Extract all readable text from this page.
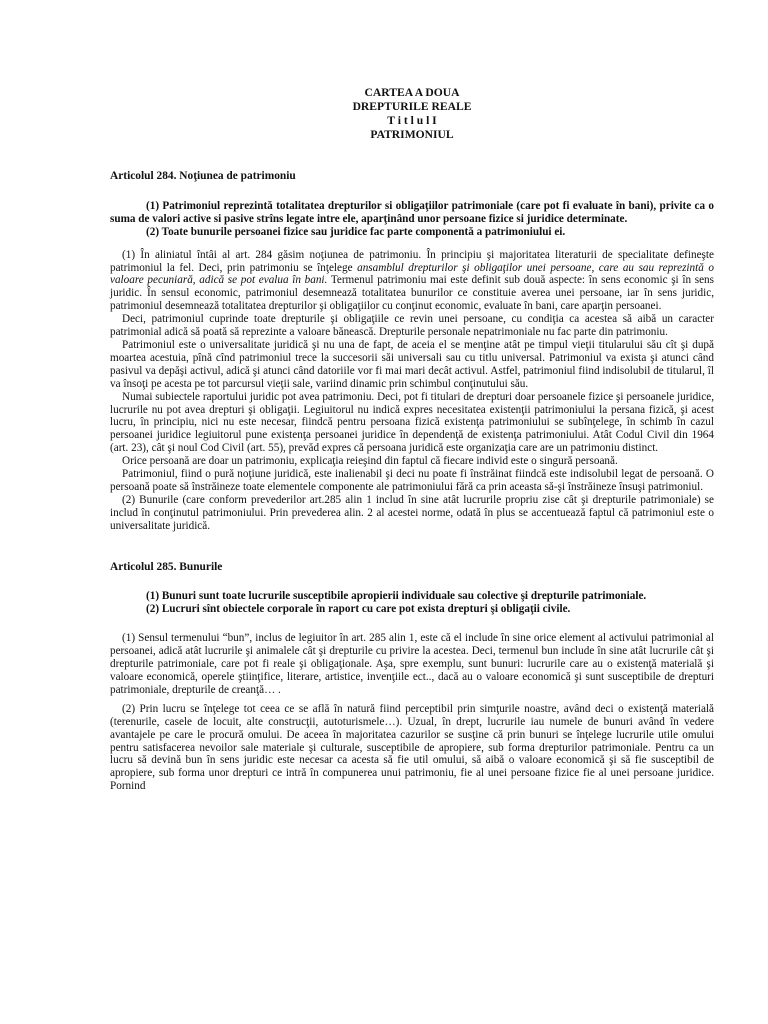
CARTEA A DOUA
DREPTURILE REALE
T i t l u l I
PATRIMONIUL
Articolul 284. Noţiunea de patrimoniu

(1) Patrimoniul reprezintă totalitatea drepturilor si obligaţiilor patrimoniale (care pot fi evaluate în bani), privite ca o suma de valori active si pasive strîns legate intre ele, aparţinând unor persoane fizice si juridice determinate.

(2) Toate bunurile persoanei fizice sau juridice fac parte componentă a patrimoniului ei.

(1) În aliniatul întâi al art. 284 găsim noţiunea de patrimoniu. În principiu şi majoritatea literaturii de specialitate defineşte patrimoniul la fel. Deci, prin patrimoniu se înţelege ansamblul drepturilor şi obligaţilor unei persoane, care au sau reprezintă o valoare pecuniară, adică se pot evalua în bani. Termenul patrimoniu mai este definit sub două aspecte: în sens economic şi în sens juridic. În sensul economic, patrimoniul desemnează totalitatea bunurilor ce constituie averea unei persoane, iar în sens juridic, patrimoniul desemnează totalitatea drepturilor şi obligaţiilor cu conţinut economic, evaluate în bani, care aparţin persoanei.

Deci, patrimoniul cuprinde toate drepturile şi obligaţiile ce revin unei persoane, cu condiţia ca acestea să aibă un caracter patrimonial adică să poată să reprezinte a valoare bănească. Drepturile personale nepatrimoniale nu fac parte din patrimoniu.

Patrimoniul este o universalitate juridică şi nu una de fapt, de aceia el se menţine atât pe timpul vieţii titularului său cît şi după moartea acestuia, pînă cînd patrimoniul trece la succesorii săi universali sau cu titlu universal. Patrimoniul va exista şi atunci când pasivul va depăşi activul, adică şi atunci când datoriile vor fi mai mari decât activul. Astfel, patrimoniul fiind indisolubil de titularul, îl va însoţi pe acesta pe tot parcursul vieţii sale, variind dinamic prin schimbul conţinutului său.

Numai subiectele raportului juridic pot avea patrimoniu. Deci, pot fi titulari de drepturi doar persoanele fizice şi persoanele juridice, lucrurile nu pot avea drepturi şi obligaţii. Legiuitorul nu indică expres necesitatea existenţii patrimoniului la persana fizică, şi acest lucru, în principiu, nici nu este necesar, fiindcă pentru persoana fizică existenţa patrimoniului se subînţelege, în schimb în cazul persoanei juridice legiuitorul pune existenţa persoanei juridice în dependenţă de existenţa patrimoniului. Atât Codul Civil din 1964 (art. 23), cât şi noul Cod Civil (art. 55), prevăd expres că persoana juridică este organizaţia care are un patrimoniu distinct.

Orice persoană are doar un patrimoniu, explicaţia reieşind din faptul că fiecare individ este o singură persoană.

Patrimoniul, fiind o pură noţiune juridică, este inalienabil şi deci nu poate fi înstrăinat fiindcă este indisolubil legat de persoană. O persoană poate să înstrăineze toate elementele componente ale patrimoniului fără ca prin aceasta să-şi înstrăineze însuşi patrimoniul.

(2) Bunurile (care conform prevederilor art.285 alin 1 includ în sine atât lucrurile propriu zise cât şi drepturile patrimoniale) se includ în conţinutul patrimoniului. Prin prevederea alin. 2 al acestei norme, odată în plus se accentuează faptul că patrimoniul este o universalitate juridică.

Articolul 285. Bunurile

(1) Bunuri sunt toate lucrurile susceptibile apropierii individuale sau colective şi drepturile patrimoniale.

(2) Lucruri sînt obiectele corporale în raport cu care pot exista drepturi şi obligaţii civile.

(1) Sensul termenului “bun”, inclus de legiuitor în art. 285 alin 1, este că el include în sine orice element al activului patrimonial al persoanei, adică atât lucrurile şi animalele cât şi drepturile cu privire la acestea. Deci, termenul bun include în sine atât lucrurile cât şi drepturile patrimoniale, care pot fi reale şi obligaţionale. Aşa, spre exemplu, sunt bunuri: lucrurile care au o existenţă materială şi valoare economică, operele ştiinţifice, literare, artistice, invenţiile ect.., dacă au o valoare economică şi sunt susceptibile de drepturi patrimoniale, drepturile de creanţă… .

(2) Prin lucru se înţelege tot ceea ce se află în natură fiind perceptibil prin simţurile noastre, având deci o existenţă materială (terenurile, casele de locuit, alte construcţii, autoturismele…). Uzual, în drept, lucrurile iau numele de bunuri având în vedere avantajele pe care le procură omului. De aceea în majoritatea cazurilor se susţine că prin bunuri se înţelege lucrurile utile omului pentru satisfacerea nevoilor sale materiale şi culturale, susceptibile de apropiere, sub forma drepturilor patrimoniale. Pentru ca un lucru să devină bun în sens juridic este necesar ca acesta să fie util omului, să aibă o valoare economică şi să fie susceptibil de apropiere, sub forma unor drepturi ce intră în compunerea unui patrimoniu, fie al unei persoane fizice fie al unei persoane juridice. Pornind
